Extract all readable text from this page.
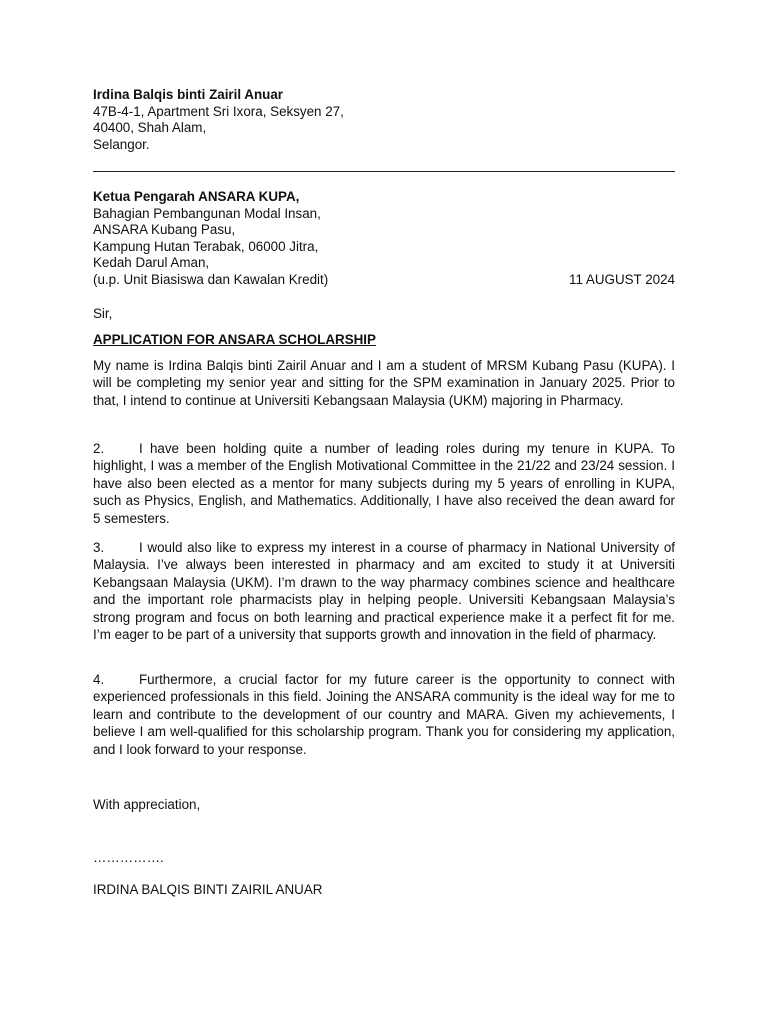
Irdina Balqis binti Zairil Anuar
47B-4-1, Apartment Sri Ixora, Seksyen 27,
40400, Shah Alam,
Selangor.
Ketua Pengarah ANSARA KUPA,
Bahagian Pembangunan Modal Insan,
ANSARA Kubang Pasu,
Kampung Hutan Terabak, 06000 Jitra,
Kedah Darul Aman,
(u.p. Unit Biasiswa dan Kawalan Kredit)	11 AUGUST 2024
Sir,
APPLICATION FOR ANSARA SCHOLARSHIP
My name is Irdina Balqis binti Zairil Anuar and I am a student of MRSM Kubang Pasu (KUPA). I will be completing my senior year and sitting for the SPM examination in January 2025. Prior to that, I intend to continue at Universiti Kebangsaan Malaysia (UKM) majoring in Pharmacy.
2.	I have been holding quite a number of leading roles during my tenure in KUPA. To highlight, I was a member of the English Motivational Committee in the 21/22 and 23/24 session. I have also been elected as a mentor for many subjects during my 5 years of enrolling in KUPA, such as Physics, English, and Mathematics. Additionally, I have also received the dean award for 5 semesters.
3.	I would also like to express my interest in a course of pharmacy in National University of Malaysia. I’ve always been interested in pharmacy and am excited to study it at Universiti Kebangsaan Malaysia (UKM). I’m drawn to the way pharmacy combines science and healthcare and the important role pharmacists play in helping people. Universiti Kebangsaan Malaysia’s strong program and focus on both learning and practical experience make it a perfect fit for me. I’m eager to be part of a university that supports growth and innovation in the field of pharmacy.
4.	Furthermore, a crucial factor for my future career is the opportunity to connect with experienced professionals in this field. Joining the ANSARA community is the ideal way for me to learn and contribute to the development of our country and MARA. Given my achievements, I believe I am well-qualified for this scholarship program. Thank you for considering my application, and I look forward to your response.
With appreciation,
…………….
IRDINA BALQIS BINTI ZAIRIL ANUAR
